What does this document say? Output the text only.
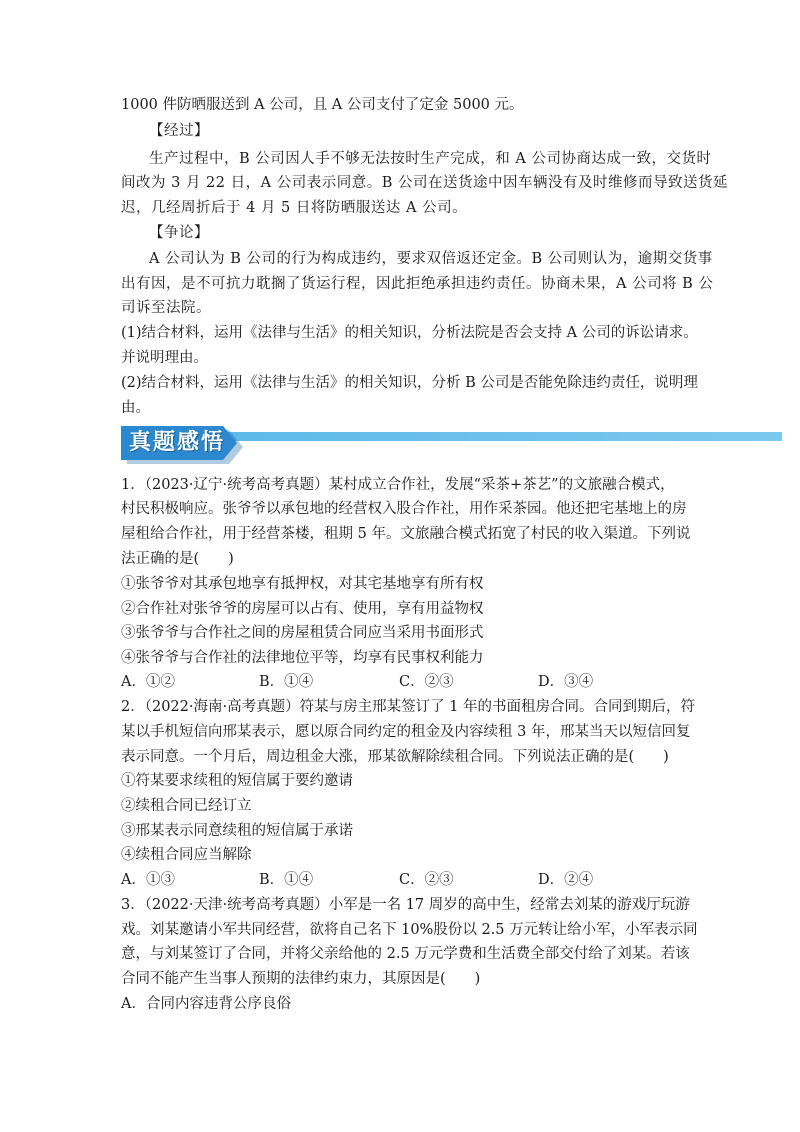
1000 件防晒服送到 A 公司，且 A 公司支付了定金 5000 元。
【经过】
生产过程中，B 公司因人手不够无法按时生产完成，和 A 公司协商达成一致，交货时
间改为 3 月 22 日，A 公司表示同意。B 公司在送货途中因车辆没有及时维修而导致送货延
迟，几经周折后于 4 月 5 日将防晒服送达 A 公司。
【争论】
A 公司认为 B 公司的行为构成违约，要求双倍返还定金。B 公司则认为，逾期交货事
出有因，是不可抗力耽搁了货运行程，因此拒绝承担违约责任。协商未果，A 公司将 B 公
司诉至法院。
(1)结合材料，运用《法律与生活》的相关知识，分析法院是否会支持 A 公司的诉讼请求。
并说明理由。
(2)结合材料，运用《法律与生活》的相关知识，分析 B 公司是否能免除违约责任，说明理
由。
真题感悟
1．（2023·辽宁·统考高考真题）某村成立合作社，发展“采茶+茶艺”的文旅融合模式，
村民积极响应。张爷爷以承包地的经营权入股合作社，用作采茶园。他还把宅基地上的房
屋租给合作社，用于经营茶楼，租期 5 年。文旅融合模式拓宽了村民的收入渠道。下列说
法正确的是(　　)
①张爷爷对其承包地享有抵押权，对其宅基地享有所有权
②合作社对张爷爷的房屋可以占有、使用，享有用益物权
③张爷爷与合作社之间的房屋租赁合同应当采用书面形式
④张爷爷与合作社的法律地位平等，均享有民事权利能力
A．①②	B．①④	C．②③	D．③④
2．（2022·海南·高考真题）符某与房主邢某签订了 1 年的书面租房合同。合同到期后，符
某以手机短信向邢某表示，愿以原合同约定的租金及内容续租 3 年，邢某当天以短信回复
表示同意。一个月后，周边租金大涨，邢某欲解除续租合同。下列说法正确的是(　　)
①符某要求续租的短信属于要约邀请
②续租合同已经订立
③邢某表示同意续租的短信属于承诺
④续租合同应当解除
A．①③	B．①④	C．②③	D．②④
3．（2022·天津·统考高考真题）小军是一名 17 周岁的高中生，经常去刘某的游戏厅玩游
戏。刘某邀请小军共同经营，欲将自己名下 10%股份以 2.5 万元转让给小军，小军表示同
意，与刘某签订了合同，并将父亲给他的 2.5 万元学费和生活费全部交付给了刘某。若该
合同不能产生当事人预期的法律约束力，其原因是(　　)
A．合同内容违背公序良俗
